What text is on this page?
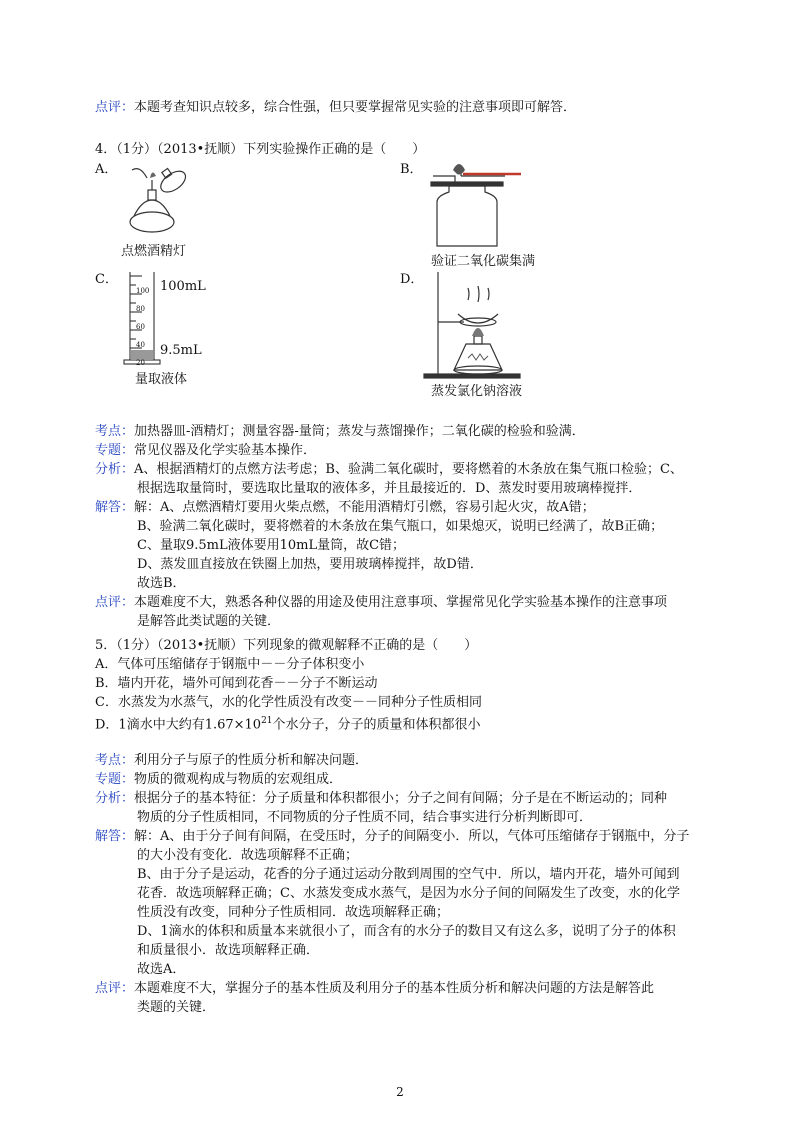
点评：本题考查知识点较多，综合性强，但只要掌握常见实验的注意事项即可解答．
4．（1分）（2013•抚顺）下列实验操作正确的是（　　）
A．
点燃酒精灯
B．
验证二氧化碳集满
C．
100
80
60
40
20
100mL
9.5mL
量取液体
D．
蒸发氯化钠溶液
考点：加热器皿-酒精灯；测量容器-量筒；蒸发与蒸馏操作；二氧化碳的检验和验满．
专题：常见仪器及化学实验基本操作．
分析：A、根据酒精灯的点燃方法考虑；B、验满二氧化碳时，要将燃着的木条放在集气瓶口检验；C、
根据选取量筒时，要选取比量取的液体多，并且最接近的．D、蒸发时要用玻璃棒搅拌．
解答：解：A、点燃酒精灯要用火柴点燃，不能用酒精灯引燃，容易引起火灾，故A错；
B、验满二氧化碳时，要将燃着的木条放在集气瓶口，如果熄灭，说明已经满了，故B正确；
C、量取9.5mL液体要用10mL量筒，故C错；
D、蒸发皿直接放在铁圈上加热，要用玻璃棒搅拌，故D错．
故选B．
点评：本题难度不大，熟悉各种仪器的用途及使用注意事项、掌握常见化学实验基本操作的注意事项
是解答此类试题的关键．
5．（1分）（2013•抚顺）下列现象的微观解释不正确的是（　　）
A．气体可压缩储存于钢瓶中－－分子体积变小
B．墙内开花，墙外可闻到花香－－分子不断运动
C．水蒸发为水蒸气，水的化学性质没有改变－－同种分子性质相同
D．1滴水中大约有$1.67\times 10^{21}$个水分子，分子的质量和体积都很小
考点：利用分子与原子的性质分析和解决问题．
专题：物质的微观构成与物质的宏观组成．
分析：根据分子的基本特征：分子质量和体积都很小；分子之间有间隔；分子是在不断运动的；同种
物质的分子性质相同，不同物质的分子性质不同，结合事实进行分析判断即可．
解答：解：A、由于分子间有间隔，在受压时，分子的间隔变小．所以，气体可压缩储存于钢瓶中，分子
的大小没有变化．故选项解释不正确；
B、由于分子是运动，花香的分子通过运动分散到周围的空气中．所以，墙内开花，墙外可闻到
花香．故选项解释正确；C、水蒸发变成水蒸气，是因为水分子间的间隔发生了改变，水的化学
性质没有改变，同种分子性质相同．故选项解释正确；
D、1滴水的体积和质量本来就很小了，而含有的水分子的数目又有这么多，说明了分子的体积
和质量很小．故选项解释正确．
故选A．
点评：本题难度不大，掌握分子的基本性质及利用分子的基本性质分析和解决问题的方法是解答此
类题的关键．
2
